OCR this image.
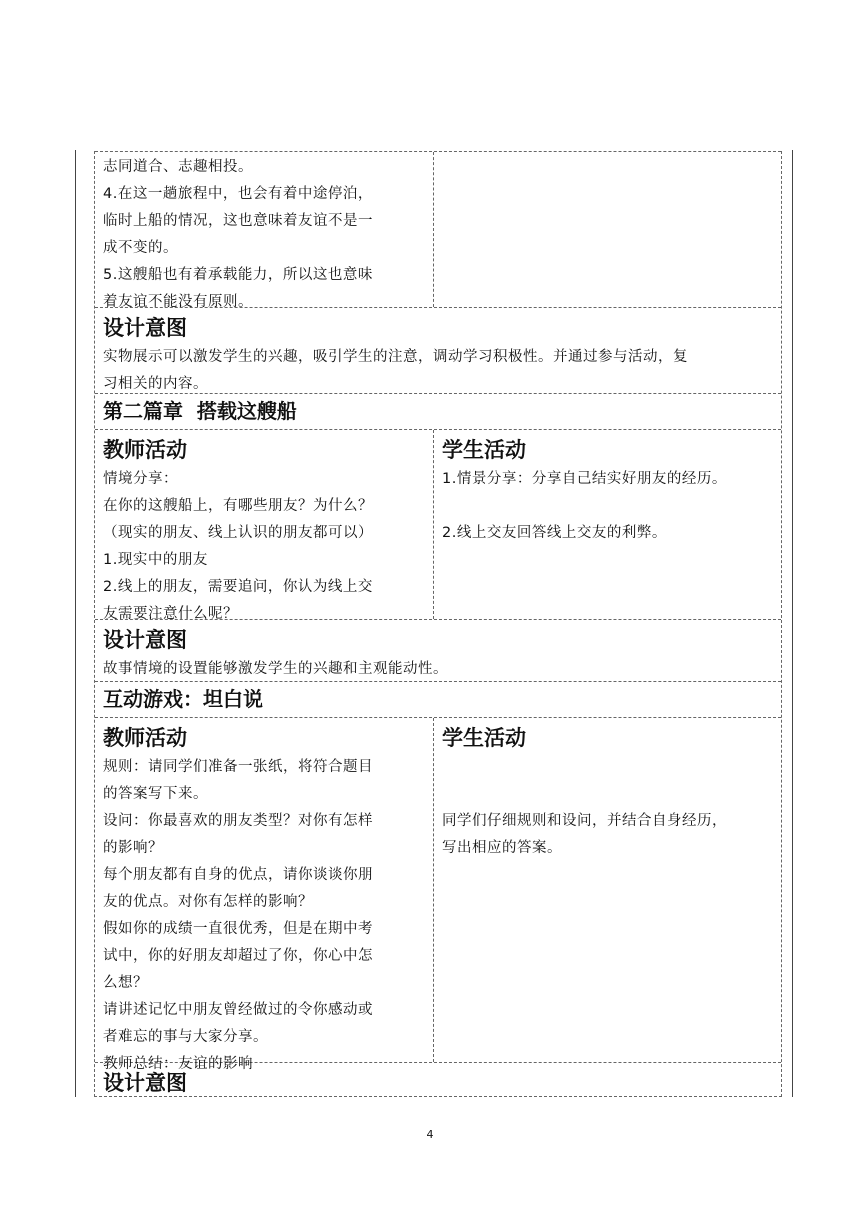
志同道合、志趣相投。
4.在这一趟旅程中，也会有着中途停泊，
临时上船的情况，这也意味着友谊不是一
成不变的。
5.这艘船也有着承载能力，所以这也意味
着友谊不能没有原则。
设计意图
实物展示可以激发学生的兴趣，吸引学生的注意，调动学习积极性。并通过参与活动，复
习相关的内容。
第二篇章  搭载这艘船
教师活动
情境分享：
在你的这艘船上，有哪些朋友？为什么？
（现实的朋友、线上认识的朋友都可以）
1.现实中的朋友
2.线上的朋友，需要追问，你认为线上交
友需要注意什么呢？
学生活动
1.情景分享：分享自己结实好朋友的经历。
2.线上交友回答线上交友的利弊。
设计意图
故事情境的设置能够激发学生的兴趣和主观能动性。
互动游戏：坦白说
教师活动
规则：请同学们准备一张纸，将符合题目
的答案写下来。
设问：你最喜欢的朋友类型？对你有怎样
的影响？
每个朋友都有自身的优点，请你谈谈你朋
友的优点。对你有怎样的影响？
假如你的成绩一直很优秀，但是在期中考
试中，你的好朋友却超过了你，你心中怎
么想？
请讲述记忆中朋友曾经做过的令你感动或
者难忘的事与大家分享。
教师总结：友谊的影响
学生活动
同学们仔细规则和设问，并结合自身经历，
写出相应的答案。
设计意图
4
